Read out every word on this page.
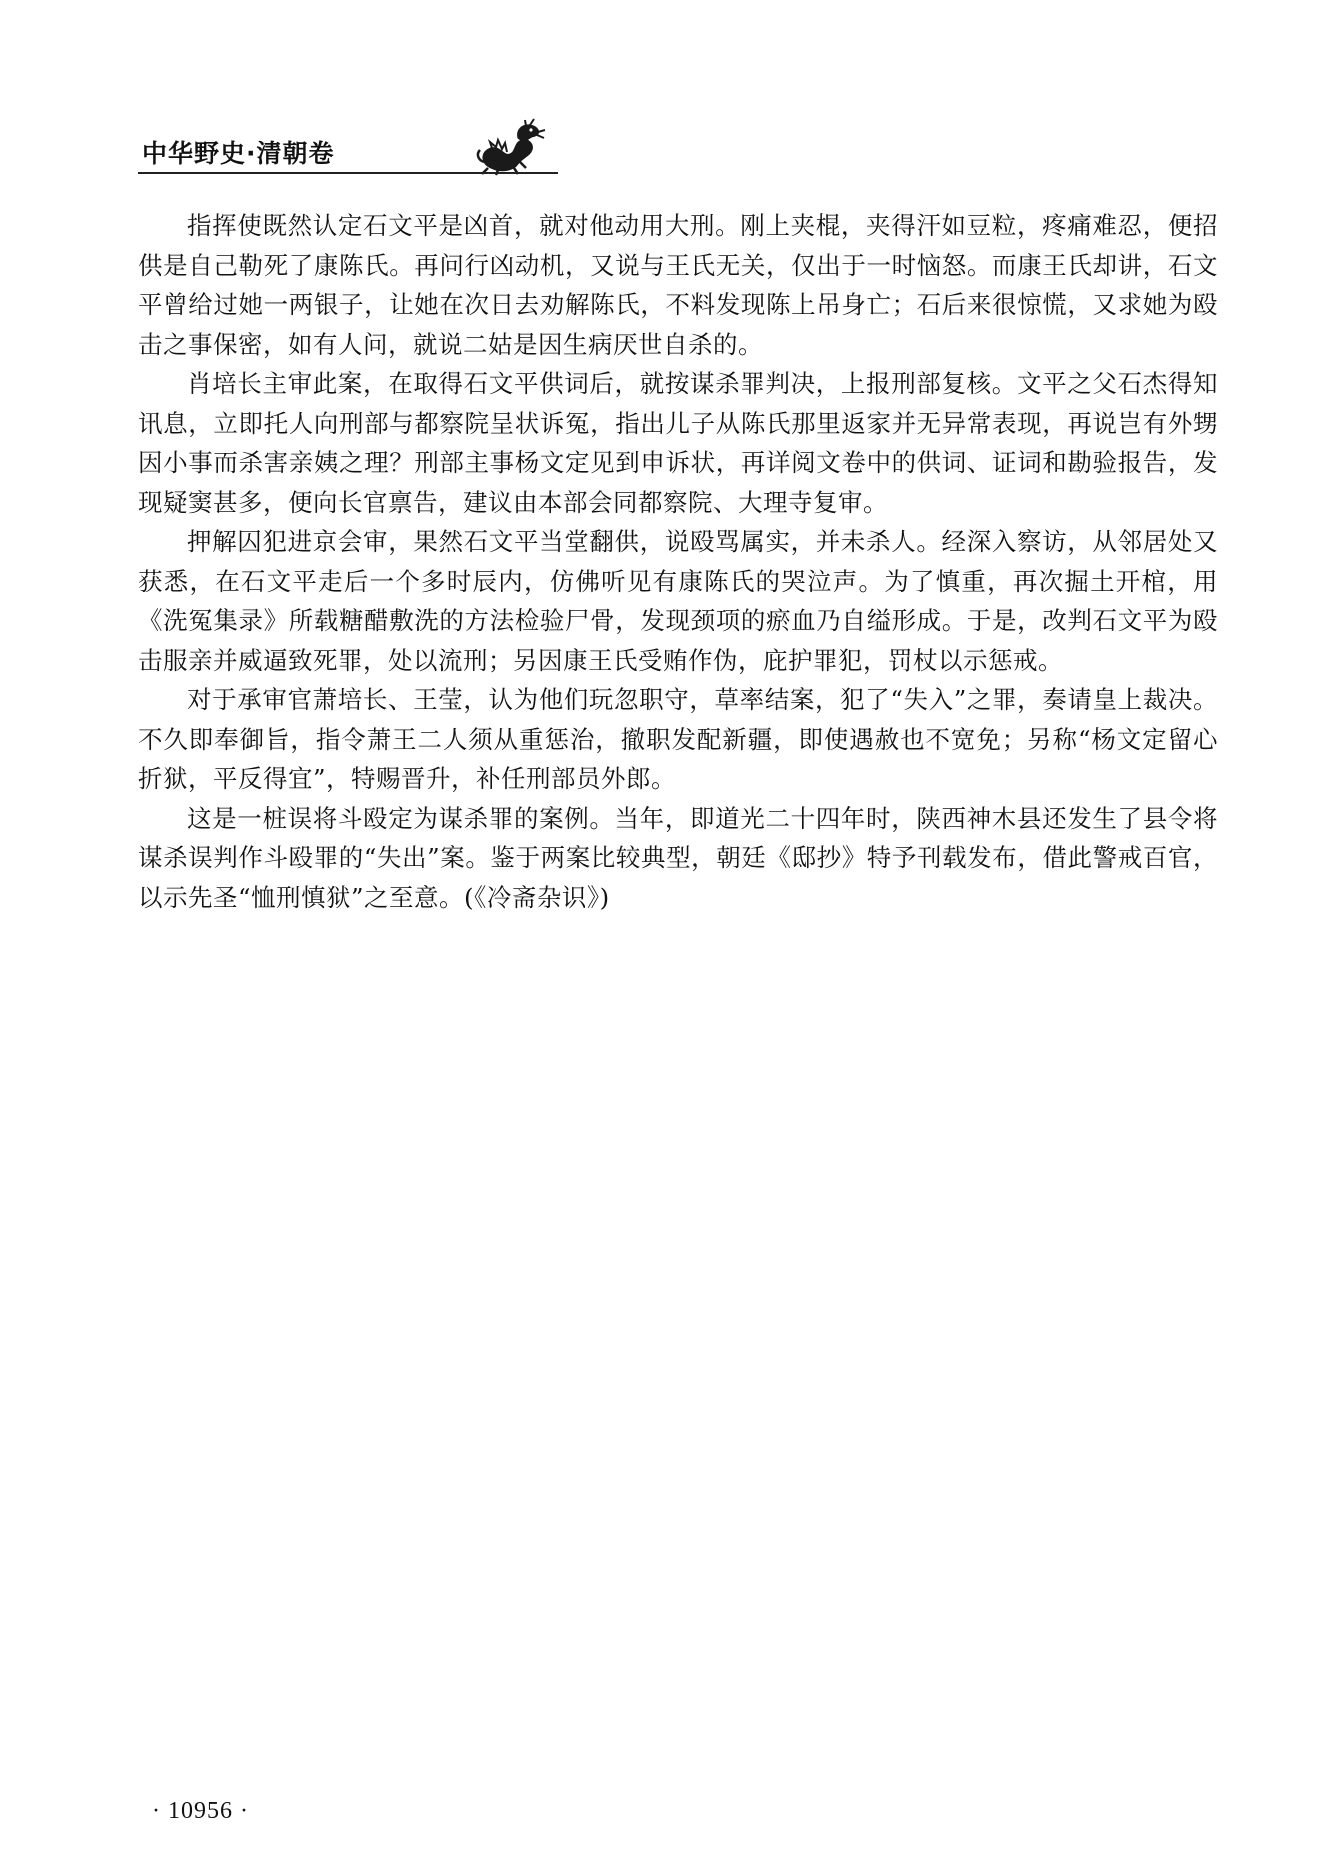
中华野史·清朝卷

指挥使既然认定石文平是凶首，就对他动用大刑。刚上夹棍，夹得汗如豆粒，疼痛难忍，便招供是自己勒死了康陈氏。再问行凶动机，又说与王氏无关，仅出于一时恼怒。而康王氏却讲，石文平曾给过她一两银子，让她在次日去劝解陈氏，不料发现陈上吊身亡；石后来很惊慌，又求她为殴击之事保密，如有人问，就说二姑是因生病厌世自杀的。

肖培长主审此案，在取得石文平供词后，就按谋杀罪判决，上报刑部复核。文平之父石杰得知讯息，立即托人向刑部与都察院呈状诉冤，指出儿子从陈氏那里返家并无异常表现，再说岂有外甥因小事而杀害亲姨之理？刑部主事杨文定见到申诉状，再详阅文卷中的供词、证词和勘验报告，发现疑窦甚多，便向长官禀告，建议由本部会同都察院、大理寺复审。

押解囚犯进京会审，果然石文平当堂翻供，说殴骂属实，并未杀人。经深入察访，从邻居处又获悉，在石文平走后一个多时辰内，仿佛听见有康陈氏的哭泣声。为了慎重，再次掘土开棺，用《洗冤集录》所载糖醋敷洗的方法检验尸骨，发现颈项的瘀血乃自缢形成。于是，改判石文平为殴击服亲并威逼致死罪，处以流刑；另因康王氏受贿作伪，庇护罪犯，罚杖以示惩戒。

对于承审官萧培长、王莹，认为他们玩忽职守，草率结案，犯了“失入”之罪，奏请皇上裁决。不久即奉御旨，指令萧王二人须从重惩治，撤职发配新疆，即使遇赦也不宽免；另称“杨文定留心折狱，平反得宜”，特赐晋升，补任刑部员外郎。

这是一桩误将斗殴定为谋杀罪的案例。当年，即道光二十四年时，陕西神木县还发生了县令将谋杀误判作斗殴罪的“失出”案。鉴于两案比较典型，朝廷《邸抄》特予刊载发布，借此警戒百官，以示先圣“恤刑慎狱”之至意。(《冷斋杂识》)

· 10956 ·
